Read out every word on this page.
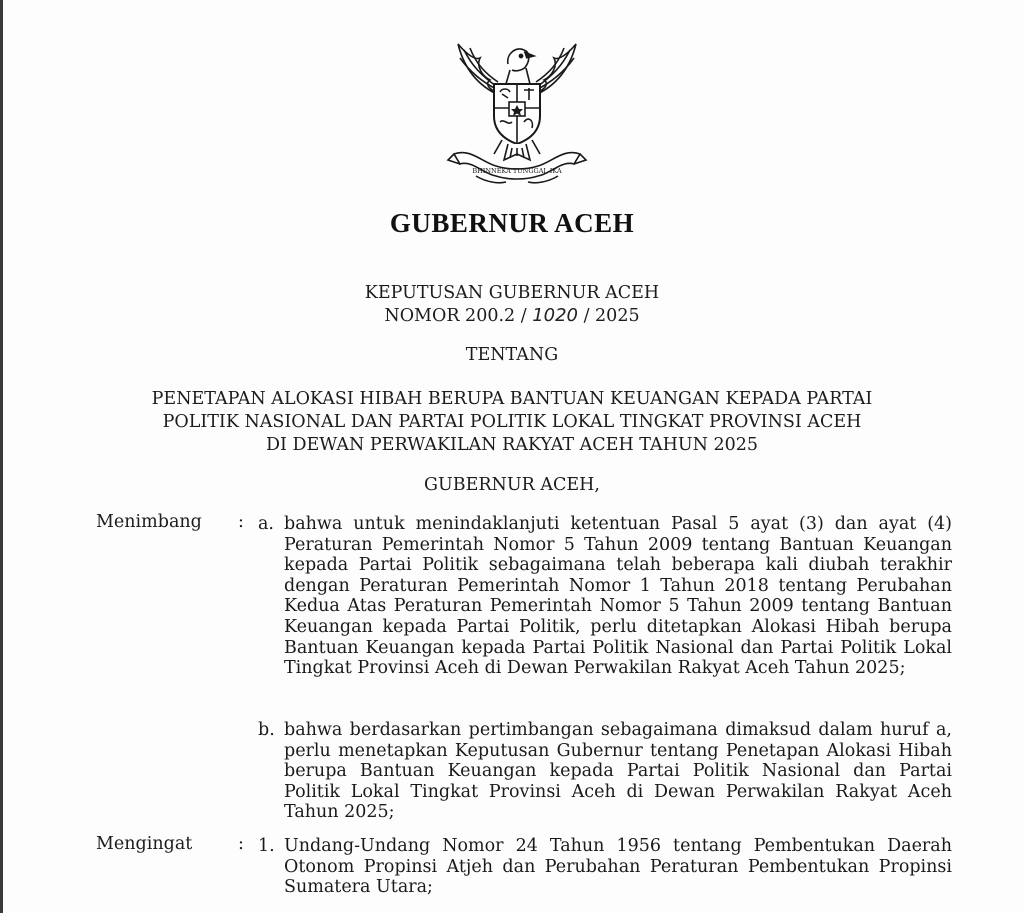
BHINNEKA TUNGGAL IKA
GUBERNUR ACEH
KEPUTUSAN GUBERNUR ACEH
NOMOR 200.2 / 1020 / 2025
TENTANG
PENETAPAN ALOKASI HIBAH BERUPA BANTUAN KEUANGAN KEPADA PARTAI
POLITIK NASIONAL DAN PARTAI POLITIK LOKAL TINGKAT PROVINSI ACEH
DI DEWAN PERWAKILAN RAKYAT ACEH TAHUN 2025
GUBERNUR ACEH,
Menimbang : a. bahwa untuk menindaklanjuti ketentuan Pasal 5 ayat (3) dan ayat (4) Peraturan Pemerintah Nomor 5 Tahun 2009 tentang Bantuan Keuangan kepada Partai Politik sebagaimana telah beberapa kali diubah terakhir dengan Peraturan Pemerintah Nomor 1 Tahun 2018 tentang Perubahan Kedua Atas Peraturan Pemerintah Nomor 5 Tahun 2009 tentang Bantuan Keuangan kepada Partai Politik, perlu ditetapkan Alokasi Hibah berupa Bantuan Keuangan kepada Partai Politik Nasional dan Partai Politik Lokal Tingkat Provinsi Aceh di Dewan Perwakilan Rakyat Aceh Tahun 2025;
b. bahwa berdasarkan pertimbangan sebagaimana dimaksud dalam huruf a, perlu menetapkan Keputusan Gubernur tentang Penetapan Alokasi Hibah berupa Bantuan Keuangan kepada Partai Politik Nasional dan Partai Politik Lokal Tingkat Provinsi Aceh di Dewan Perwakilan Rakyat Aceh Tahun 2025;
Mengingat	: 1. Undang-Undang Nomor 24 Tahun 1956 tentang Pembentukan Daerah Otonom Propinsi Atjeh dan Perubahan Peraturan Pembentukan Propinsi Sumatera Utara;
